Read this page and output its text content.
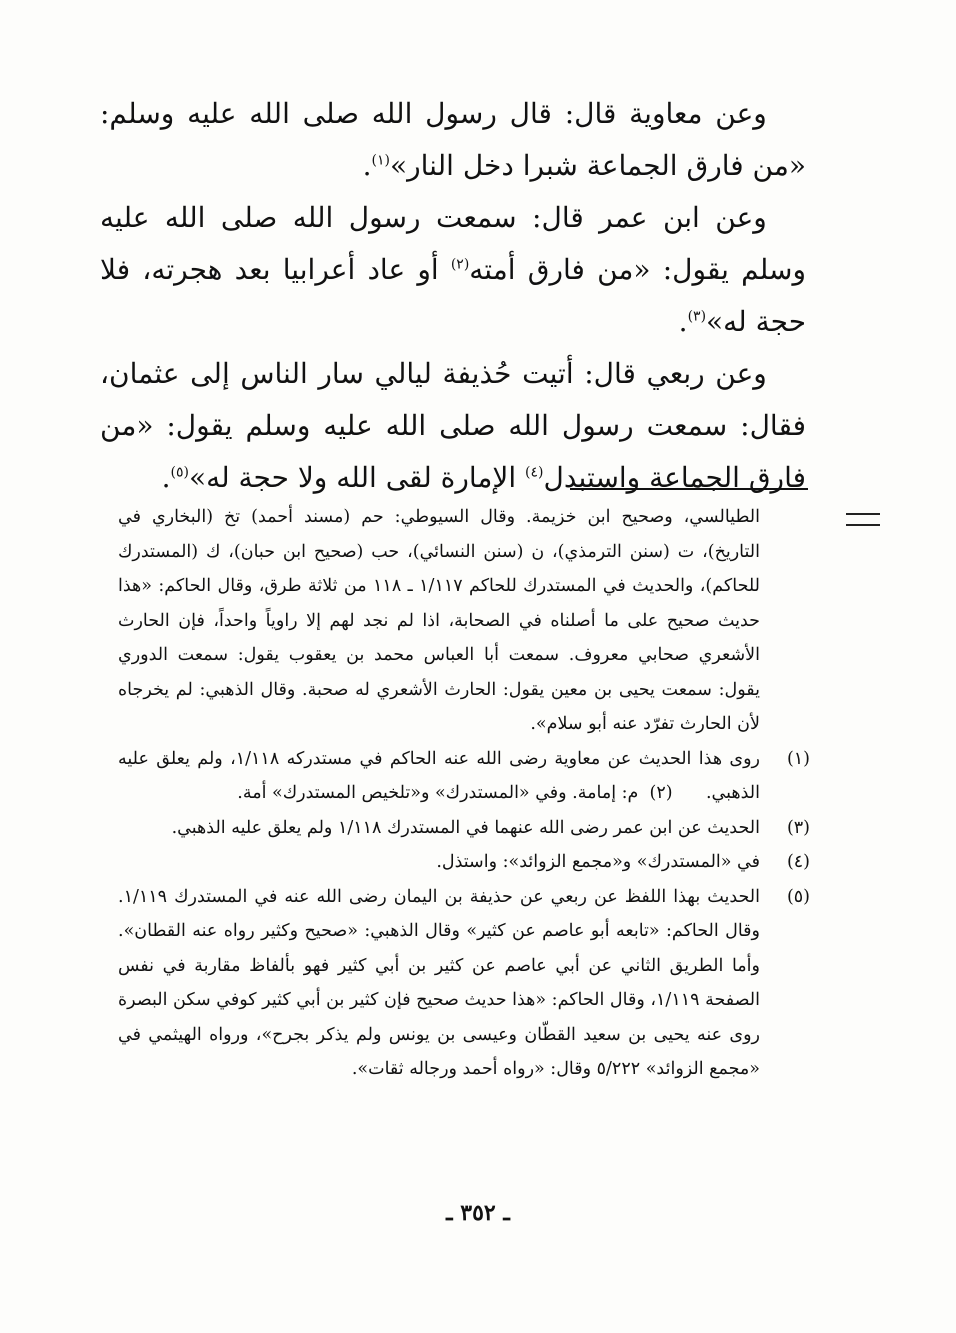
وعن معاوية قال: قال رسول الله صلى الله عليه وسلم: «من فارق الجماعة شبرا دخل النار»$^{(١)}$.

وعن ابن عمر قال: سمعت رسول الله صلى الله عليه وسلم يقول: «من فارق أمته$^{(٢)}$ أو عاد أعرابيا بعد هجرته، فلا حجة له»$^{(٣)}$.

وعن ربعي قال: أتيت حُذيفة ليالي سار الناس إلى عثمان، فقال: سمعت رسول الله صلى الله عليه وسلم يقول: «من فارق الجماعة واستبدل$^{(٤)}$ الإمارة لقى الله ولا حجة له»$^{(٥)}$.

الطيالسي، وصحيح ابن خزيمة. وقال السيوطي: حم (مسند أحمد) تخ (البخاري في التاريخ)، ت (سنن الترمذي)، ن (سنن النسائي)، حب (صحيح ابن حبان)، ك (المستدرك للحاكم)، والحديث في المستدرك للحاكم ١/١١٧ ـ ١١٨ من ثلاثة طرق، وقال الحاكم: «هذا حديث صحيح على ما أصلناه في الصحابة، اذا لم نجد لهم إلا راوياً واحداً، فإن الحارث الأشعري صحابي معروف. سمعت أبا العباس محمد بن يعقوب يقول: سمعت الدوري يقول: سمعت يحيى بن معين يقول: الحارث الأشعري له صحبة. وقال الذهبي: لم يخرجاه لأن الحارث تفرّد عنه أبو سلام».

(١)
روى هذا الحديث عن معاوية رضى الله عنه الحاكم في مستدركه ١/١١٨، ولم يعلق عليه الذهبي.      (٢)  م: إمامة. وفي «المستدرك» و«تلخيص المستدرك» أمة.
(٣)
الحديث عن ابن عمر رضى الله عنهما في المستدرك ١/١١٨ ولم يعلق عليه الذهبي.
(٤)
في «المستدرك» و«مجمع الزوائد»: واستذل.
(٥)
الحديث بهذا اللفظ عن ربعي عن حذيفة بن اليمان رضى الله عنه في المستدرك ١/١١٩. وقال الحاكم: «تابعه أبو عاصم عن كثير» وقال الذهبي: «صحيح وكثير رواه عنه القطان». وأما الطريق الثاني عن أبي عاصم عن كثير بن أبي كثير فهو بألفاظ مقاربة في نفس الصفحة ١/١١٩، وقال الحاكم: «هذا حديث صحيح فإن كثير بن أبي كثير كوفي سكن البصرة روى عنه يحيى بن سعيد القطّان وعيسى بن يونس ولم يذكر بجرح»، ورواه الهيثمي في «مجمع الزوائد» ٥/٢٢٢ وقال: «رواه أحمد ورجاله ثقات».
ـ ٣٥٢ ـ
